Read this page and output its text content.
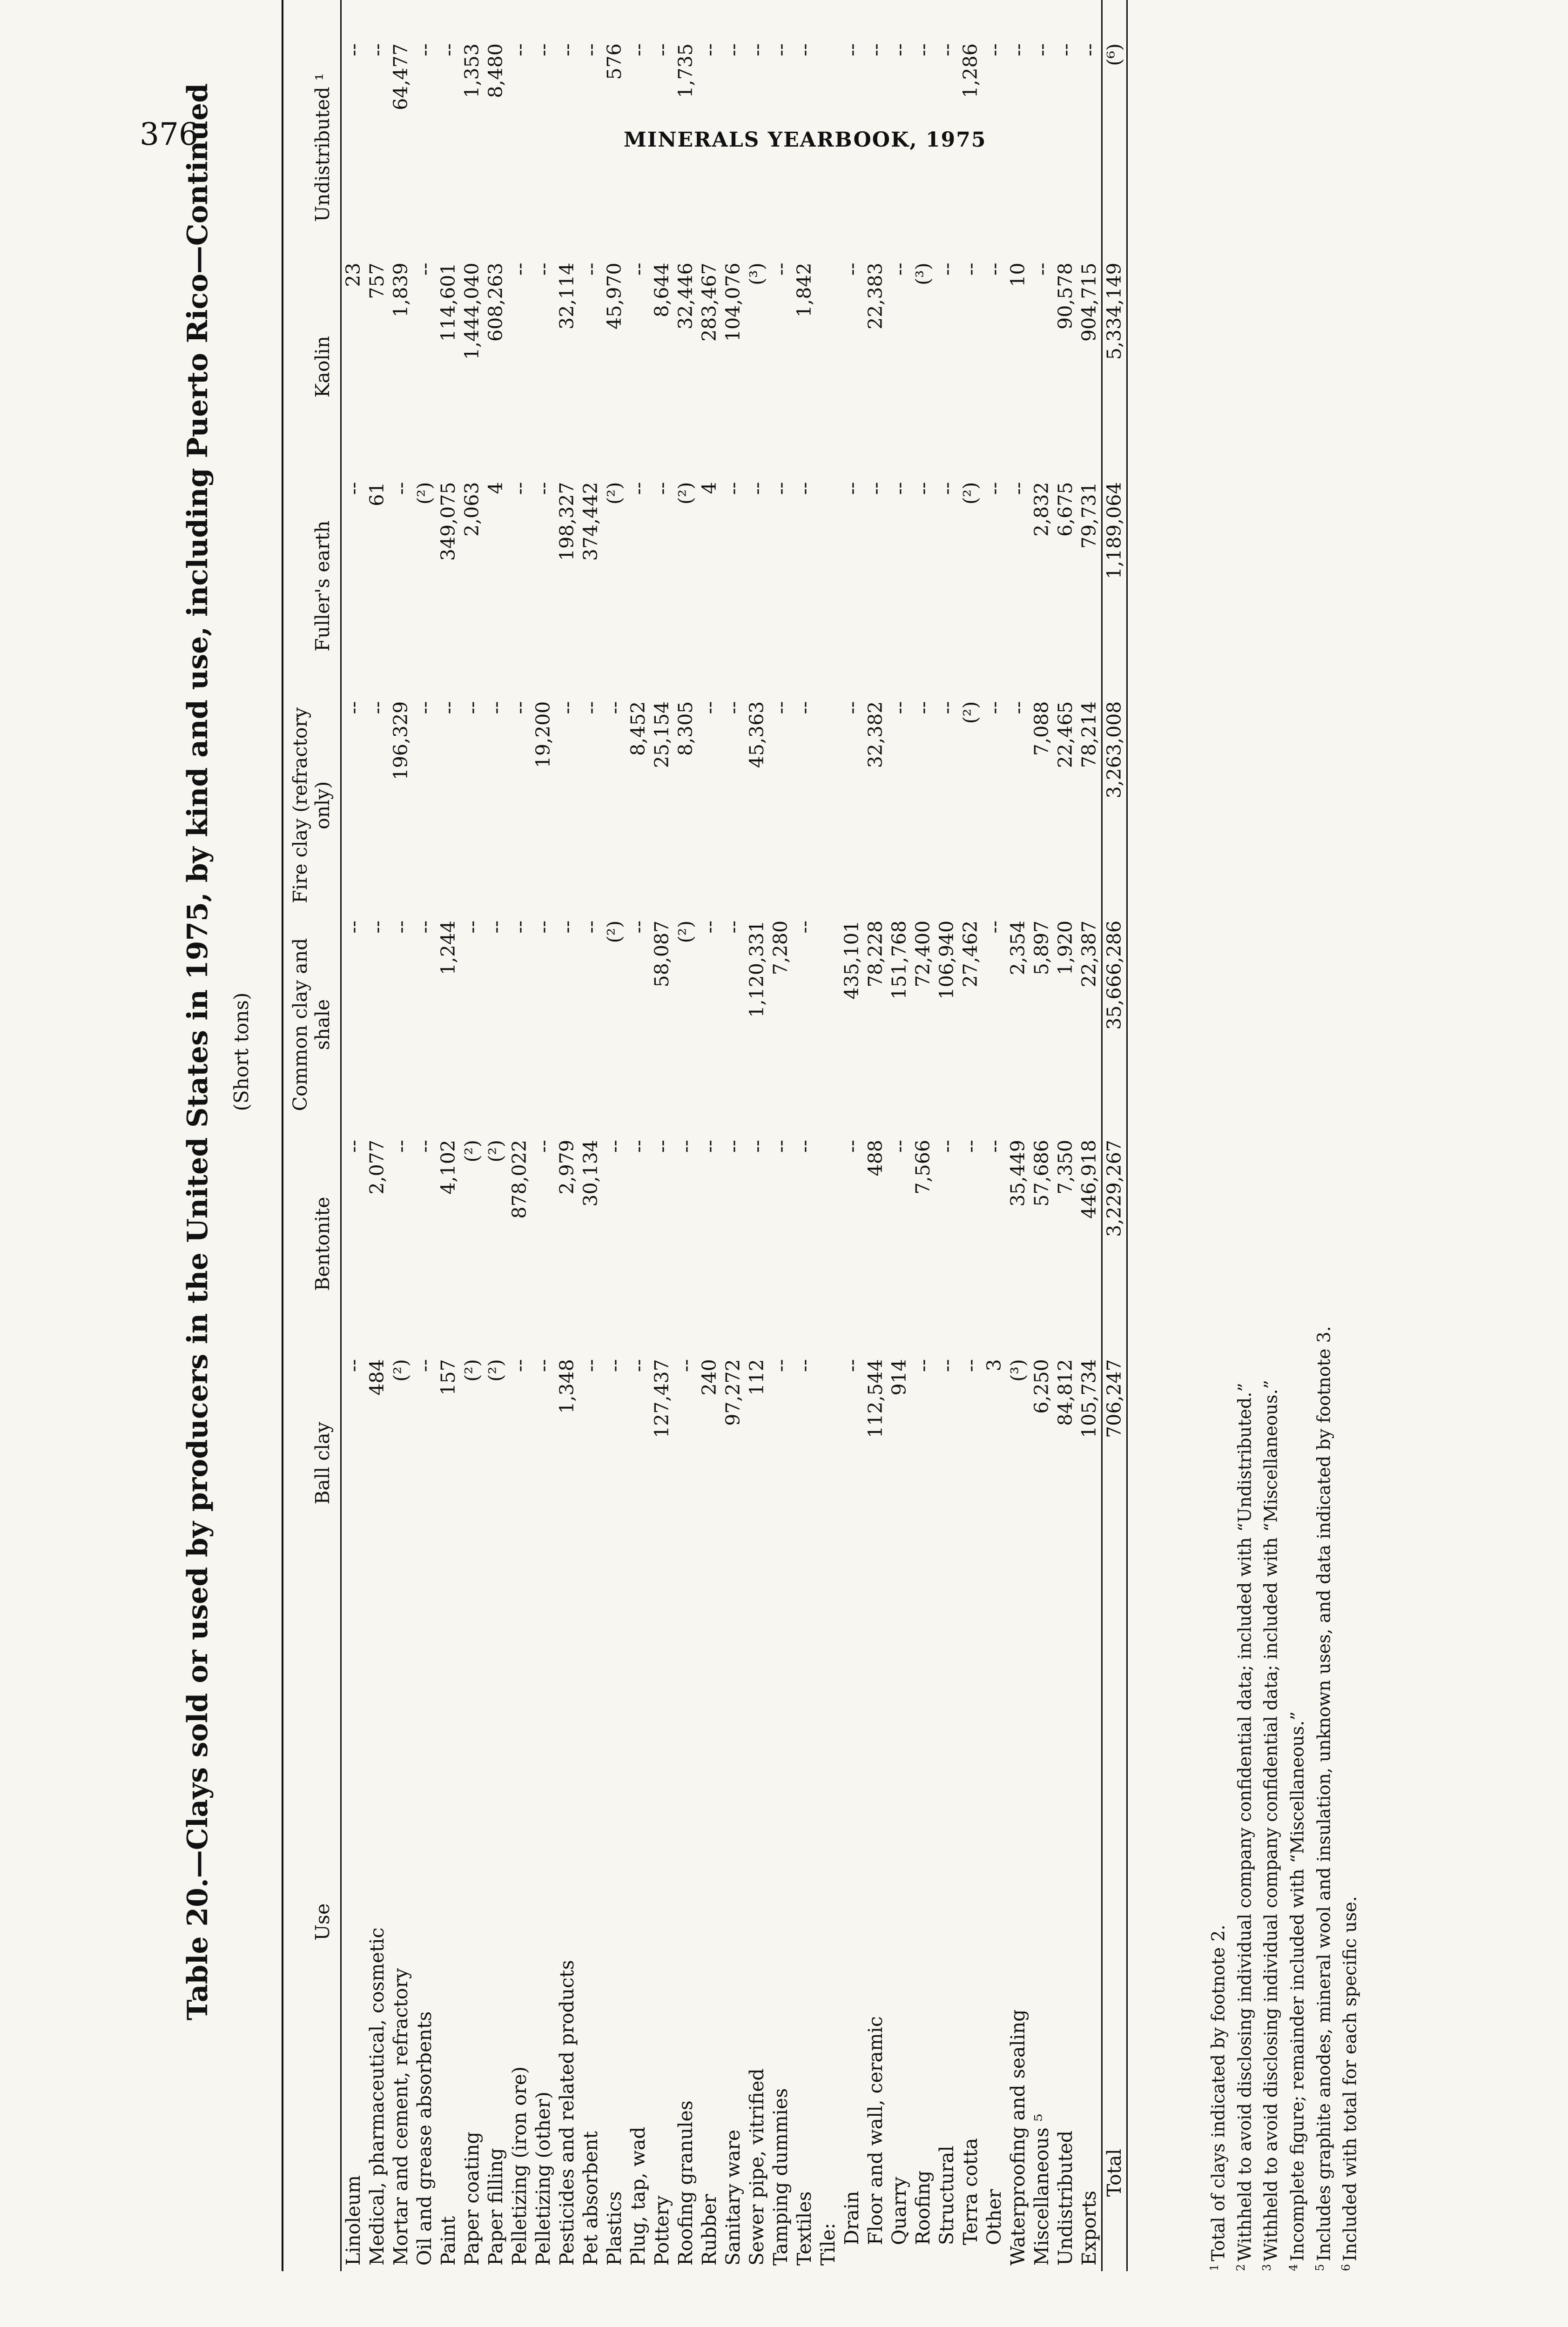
376	MINERALS YEARBOOK, 1975
Table 20.—Clays sold or used by producers in the United States in 1975, by kind and use, including Puerto Rico—Continued (Short tons)
Use	Ball clay	Bentonite	Common clay and shale	Fire clay (refractory only)	Fuller's earth	Kaolin	Undistributed ¹	
Linoleum	--	--	--	--	--	23	--	
Medical, pharmaceutical, cosmetic	484	2,077	--	--	61	757	--	
Mortar and cement, refractory	(²)	--	--	196,329	--	1,839	64,477	
Oil and grease absorbents	--	--	--	--	(²)	--	--	
Paint	157	4,102	1,244	--	349,075	114,601	--	
Paper coating	(²)	(²)	--	--	2,063	1,444,040	1,353	
Paper filling	(²)	(²)	--	--	4	608,263	8,480	
Pelletizing (iron ore)	--	878,022	--	--	--	--	--	
Pelletizing (other)	--	--	--	19,200	--	--	--	
Pesticides and related products	1,348	2,979	--	--	198,327	32,114	--	
Pet absorbent	--	30,134	--	--	374,442	--	--	
Plastics	--	--	(²)	--	(²)	45,970	576	
Plug, tap, wad	--	--	--	8,452	--	--	--	
Pottery	127,437	--	58,087	25,154	--	8,644	--	
Roofing granules	--	--	(²)	8,305	(²)	32,446	1,735	
Rubber	240	--	--	--	4	283,467	--	
Sanitary ware	97,272	--	--	--	--	104,076	--	
Sewer pipe, vitrified	112	--	1,120,331	45,363	--	(³)	--	
Tamping dummies	--	--	7,280	--	--	--	--	
Textiles	--	--	--	--	--	1,842	--	
Tile:								
Drain	--	--	435,101	--	--	--	--	
Floor and wall, ceramic	112,544	488	78,228	32,382	--	22,383	--	
Quarry	914	--	151,768	--	--	--	--	
Roofing	--	7,566	72,400	--	--	(³)	--	
Structural	--	--	106,940	--	--	--	--	
Terra cotta	--	--	27,462	(²)	(²)	--	1,286	
Other	3	--	--	--	--	--	--	
Waterproofing and sealing	(³)	35,449	2,354	--	--	10	--	
Miscellaneous ⁵	6,250	57,686	5,897	7,088	2,832	--	--	
Undistributed	84,812	7,350	1,920	22,465	6,675	90,578	--	
Exports	105,734	446,918	22,387	78,214	79,731	904,715	--	
Total	706,247	3,229,267	35,666,286	3,263,008	1,189,064	5,334,149	(⁶)	
$^1$Total of clays indicated by footnote 2.
$^2$Withheld to avoid disclosing individual company confidential data; included with “Undistributed.”
$^3$Withheld to avoid disclosing individual company confidential data; included with “Miscellaneous.”
$^4$Incomplete figure; remainder included with “Miscellaneous.”
$^5$Includes graphite anodes, mineral wool and insulation, unknown uses, and data indicated by footnote 3.
$^6$Included with total for each specific use.
